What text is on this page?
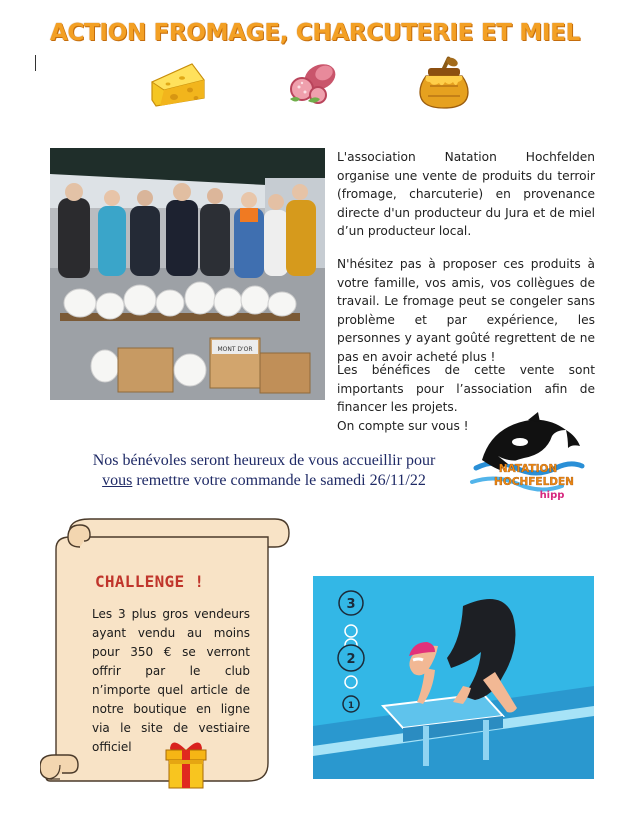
ACTION FROMAGE, CHARCUTERIE ET MIEL
MONT D'OR
L'association Natation Hochfelden organise une vente de produits du terroir (fromage, charcuterie) en provenance directe d'un producteur du Jura et de miel d’un producteur local.
N'hésitez pas à proposer ces produits à votre famille, vos amis, vos collègues de travail. Le fromage peut se congeler sans problème et par expérience, les personnes y ayant goûté regrettent de ne pas en avoir acheté plus !
Les bénéfices de cette vente sont importants pour l’association afin de financer les projets.
On compte sur vous !
Nos bénévoles seront heureux de vous accueillir pour
vous remettre votre commande le samedi 26/11/22
NATATION
HOCHFELDEN
hipp
CHALLENGE !
Les 3 plus gros vendeurs ayant vendu au moins pour 350 € se verront offrir par le club n’importe quel article de notre boutique en ligne via le site de vestiaire officiel
3
2
1
